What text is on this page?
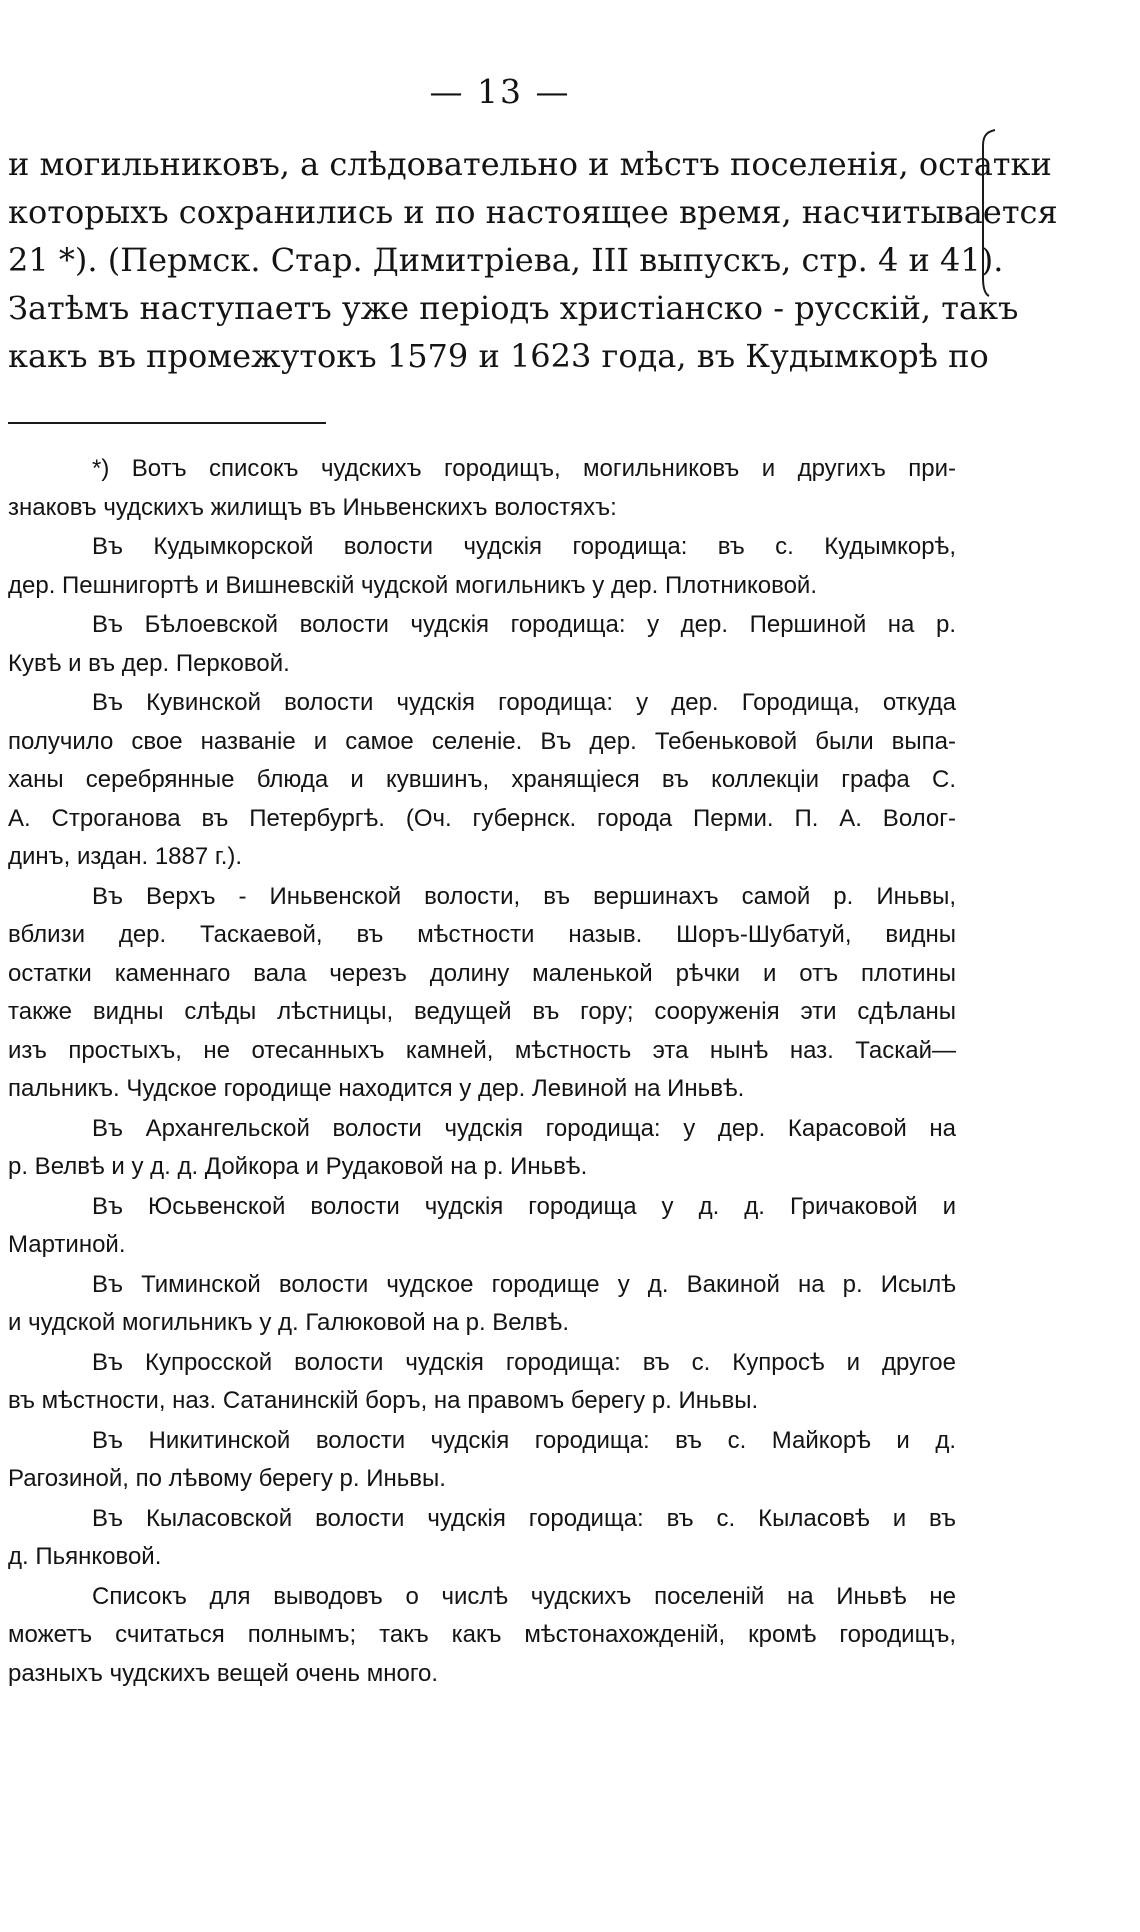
— 13 —
и могильниковъ, а слѣдовательно и мѣстъ поселенія, остатки
которыхъ сохранились и по настоящее время, насчитывается
21 *). (Пермск. Стар. Димитріева, III выпускъ, стр. 4 и 41).
Затѣмъ наступаетъ уже періодъ христіанско - русскій, такъ
какъ въ промежутокъ 1579 и 1623 года, въ Кудымкорѣ по
*) Вотъ списокъ чудскихъ городищъ, могильниковъ и другихъ при-
знаковъ чудскихъ жилищъ въ Иньвенскихъ волостяхъ:
Въ Кудымкорской волости чудскія городища: въ с. Кудымкорѣ,
дер. Пешнигортѣ и Вишневскій чудской могильникъ у дер. Плотниковой.
Въ Бѣлоевской волости чудскія городища: у дер. Першиной на р.
Кувѣ и въ дер. Перковой.
Въ Кувинской волости чудскія городища: у дер. Городища, откуда
получило свое названіе и самое селеніе. Въ дер. Тебеньковой были выпа-
ханы серебрянные блюда и кувшинъ, хранящіеся въ коллекціи графа С.
А. Строганова въ Петербургѣ. (Оч. губернск. города Перми. П. А. Волог-
динъ, издан. 1887 г.).
Въ Верхъ - Иньвенской волости, въ вершинахъ самой р. Иньвы,
вблизи дер. Таскаевой, въ мѣстности назыв. Шоръ-Шубатуй, видны
остатки каменнаго вала черезъ долину маленькой рѣчки и отъ плотины
также видны слѣды лѣстницы, ведущей въ гору; сооруженія эти сдѣланы
изъ простыхъ, не отесанныхъ камней, мѣстность эта нынѣ наз. Таскай—
пальникъ. Чудское городище находится у дер. Левиной на Иньвѣ.
Въ Архангельской волости чудскія городища: у дер. Карасовой на
р. Велвѣ и у д. д. Дойкора и Рудаковой на р. Иньвѣ.
Въ Юсьвенской волости чудскія городища у д. д. Гричаковой и
Мартиной.
Въ Тиминской волости чудское городище у д. Вакиной на р. Исылѣ
и чудской могильникъ у д. Галюковой на р. Велвѣ.
Въ Купросской волости чудскія городища: въ с. Купросѣ и другое
въ мѣстности, наз. Сатанинскій боръ, на правомъ берегу р. Иньвы.
Въ Никитинской волости чудскія городища: въ с. Майкорѣ и д.
Рагозиной, по лѣвому берегу р. Иньвы.
Въ Кыласовской волости чудскія городища: въ с. Кыласовѣ и въ
д. Пьянковой.
Списокъ для выводовъ о числѣ чудскихъ поселеній на Иньвѣ не
можетъ считаться полнымъ; такъ какъ мѣстонахожденій, кромѣ городищъ,
разныхъ чудскихъ вещей очень много.
